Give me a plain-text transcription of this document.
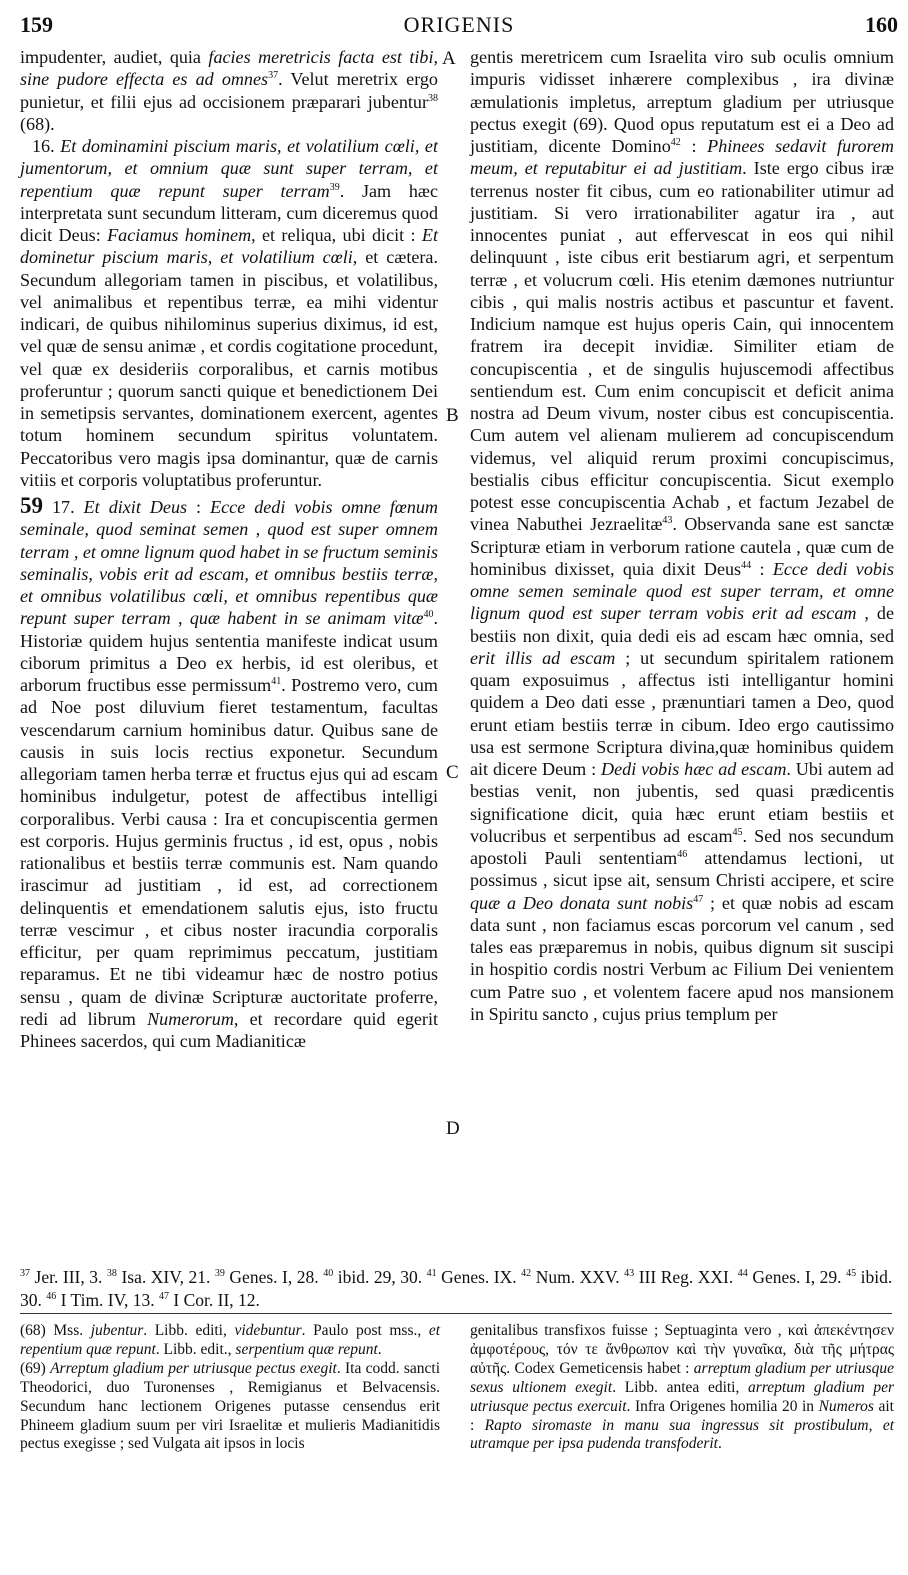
159	ORIGENIS	160
A
B
C
D

impudenter, audiet, quia facies meretricis facta est tibi, sine pudore effecta es ad omnes$^{37}$. Velut meretrix ergo punietur, et filii ejus ad occisionem præparari jubentur$^{38}$ (68).

16. Et dominamini piscium maris, et volatilium cœli, et jumentorum, et omnium quæ sunt super terram, et repentium quæ repunt super terram$^{39}$. Jam hæc interpretata sunt secundum litteram, cum diceremus quod dicit Deus: Faciamus hominem, et reliqua, ubi dicit : Et dominetur piscium maris, et volatilium cœli, et cætera. Secundum allegoriam tamen in piscibus, et volatilibus, vel animalibus et repentibus terræ, ea mihi videntur indicari, de quibus nihilominus superius diximus, id est, vel quæ de sensu animæ , et cordis cogitatione procedunt, vel quæ ex desideriis corporalibus, et carnis motibus proferuntur ; quorum sancti quique et benedictionem Dei in semetipsis servantes, dominationem exercent, agentes totum hominem secundum spiritus voluntatem. Peccatoribus vero magis ipsa dominantur, quæ de carnis vitiis et corporis voluptatibus proferuntur.

59 17. Et dixit Deus : Ecce dedi vobis omne fœnum seminale, quod seminat semen , quod est super omnem terram , et omne lignum quod habet in se fructum seminis seminalis, vobis erit ad escam, et omnibus bestiis terræ, et omnibus volatilibus cœli, et omnibus repentibus quæ repunt super terram , quæ habent in se animam vitæ$^{40}$. Historiæ quidem hujus sententia manifeste indicat usum ciborum primitus a Deo ex herbis, id est oleribus, et arborum fructibus esse permissum$^{41}$. Postremo vero, cum ad Noe post diluvium fieret testamentum, facultas vescendarum carnium hominibus datur. Quibus sane de causis in suis locis rectius exponetur. Secundum allegoriam tamen herba terræ et fructus ejus qui ad escam hominibus indulgetur, potest de affectibus intelligi corporalibus. Verbi causa : Ira et concupiscentia germen est corporis. Hujus germinis fructus , id est, opus , nobis rationalibus et bestiis terræ communis est. Nam quando irascimur ad justitiam , id est, ad correctionem delinquentis et emendationem salutis ejus, isto fructu terræ vescimur , et cibus noster iracundia corporalis efficitur, per quam reprimimus peccatum, justitiam reparamus. Et ne tibi videamur hæc de nostro potius sensu , quam de divinæ Scripturæ auctoritate proferre, redi ad librum Numerorum, et recordare quid egerit Phinees sacerdos, qui cum Madianiticæ

gentis meretricem cum Israelita viro sub oculis omnium impuris vidisset inhærere complexibus , ira divinæ æmulationis impletus, arreptum gladium per utriusque pectus exegit (69). Quod opus reputatum est ei a Deo ad justitiam, dicente Domino$^{42}$ : Phinees sedavit furorem meum, et reputabitur ei ad justitiam. Iste ergo cibus iræ terrenus noster fit cibus, cum eo rationabiliter utimur ad justitiam. Si vero irrationabiliter agatur ira , aut innocentes puniat , aut effervescat in eos qui nihil delinquunt , iste cibus erit bestiarum agri, et serpentum terræ , et volucrum cœli. His etenim dæmones nutriuntur cibis , qui malis nostris actibus et pascuntur et favent. Indicium namque est hujus operis Cain, qui innocentem fratrem ira decepit invidiæ. Similiter etiam de concupiscentia , et de singulis hujuscemodi affectibus sentiendum est. Cum enim concupiscit et deficit anima nostra ad Deum vivum, noster cibus est concupiscentia. Cum autem vel alienam mulierem ad concupiscendum videmus, vel aliquid rerum proximi concupiscimus, bestialis cibus efficitur concupiscentia. Sicut exemplo potest esse concupiscentia Achab , et factum Jezabel de vinea Nabuthei Jezraelitæ$^{43}$. Observanda sane est sanctæ Scripturæ etiam in verborum ratione cautela , quæ cum de hominibus dixisset, quia dixit Deus$^{44}$ : Ecce dedi vobis omne semen seminale quod est super terram, et omne lignum quod est super terram vobis erit ad escam , de bestiis non dixit, quia dedi eis ad escam hæc omnia, sed erit illis ad escam ; ut secundum spiritalem rationem quam exposuimus , affectus isti intelligantur homini quidem a Deo dati esse , prænuntiari tamen a Deo, quod erunt etiam bestiis terræ in cibum. Ideo ergo cautissimo usa est sermone Scriptura divina,quæ hominibus quidem ait dicere Deum : Dedi vobis hæc ad escam. Ubi autem ad bestias venit, non jubentis, sed quasi prædicentis significatione dicit, quia hæc erunt etiam bestiis et volucribus et serpentibus ad escam$^{45}$. Sed nos secundum apostoli Pauli sententiam$^{46}$ attendamus lectioni, ut possimus , sicut ipse ait, sensum Christi accipere, et scire quæ a Deo donata sunt nobis$^{47}$ ; et quæ nobis ad escam data sunt , non faciamus escas porcorum vel canum , sed tales eas præparemus in nobis, quibus dignum sit suscipi in hospitio cordis nostri Verbum ac Filium Dei venientem cum Patre suo , et volentem facere apud nos mansionem in Spiritu sancto , cujus prius templum per

$^{37}$ Jer. III, 3. $^{38}$ Isa. XIV, 21. $^{39}$ Genes. I, 28. $^{40}$ ibid. 29, 30. $^{41}$ Genes. IX. $^{42}$ Num. XXV. $^{43}$ III Reg. XXI. $^{44}$ Genes. I, 29. $^{45}$ ibid. 30. $^{46}$ I Tim. IV, 13. $^{47}$ I Cor. II, 12.

(68) Mss. jubentur. Libb. editi, videbuntur. Paulo post mss., et repentium quæ repunt. Libb. edit., serpentium quæ repunt.

(69) Arreptum gladium per utriusque pectus exegit. Ita codd. sancti Theodorici, duo Turonenses , Remigianus et Belvacensis. Secundum hanc lectionem Origenes putasse censendus erit Phineem gladium suum per viri Israelitæ et mulieris Madianitidis pectus exegisse ; sed Vulgata ait ipsos in locis

genitalibus transfixos fuisse ; Septuaginta vero , καὶ ἀπεκέντησεν ἀμφοτέρους, τόν τε ἄνθρωπον καὶ τὴν γυναῖκα, διὰ τῆς μήτρας αὐτῆς. Codex Gemeticensis habet : arreptum gladium per utriusque sexus ultionem exegit. Libb. antea editi, arreptum gladium per utriusque pectus exercuit. Infra Origenes homilia 20 in Numeros ait : Rapto siromaste in manu sua ingressus sit prostibulum, et utramque per ipsa pudenda transfoderit.
